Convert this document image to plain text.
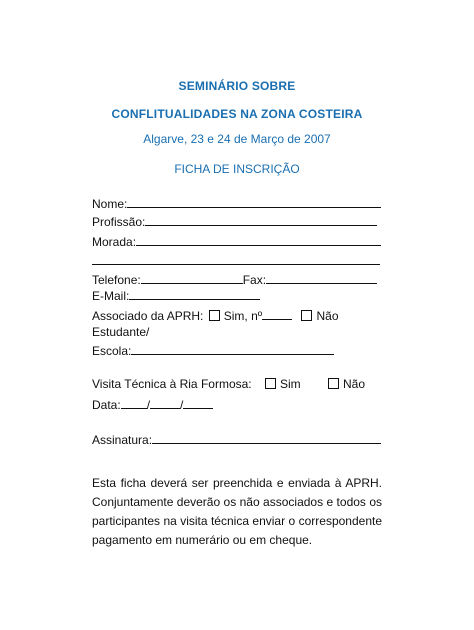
SEMINÁRIO SOBRE
CONFLITUALIDADES NA ZONA COSTEIRA
Algarve, 23 e 24 de Março de 2007
FICHA DE INSCRIÇÃO
Nome:
Profissão:
Morada:
Telefone:	Fax:
E-Mail:
Associado da APRH: Sim, nº	Não
Estudante/
Escola:
Visita Técnica à Ria Formosa: Sim	Não
Data: /	/
Assinatura:
Esta ficha deverá ser preenchida e enviada à APRH. Conjuntamente deverão os não associados e todos os participantes na visita técnica enviar o correspondente pagamento em numerário ou em cheque.
